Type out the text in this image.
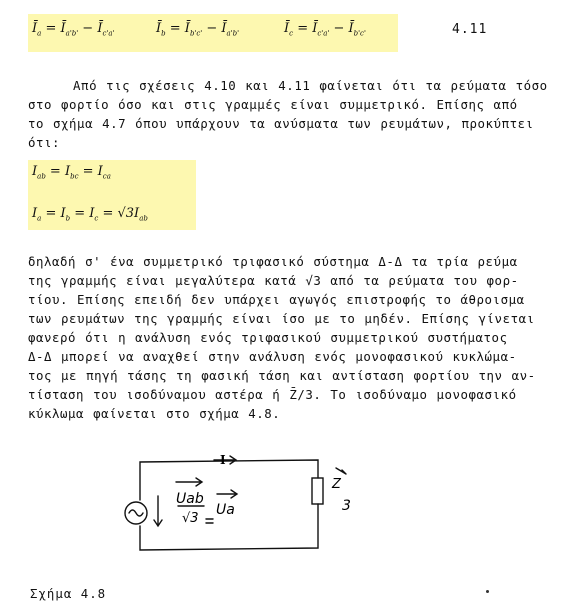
$Ī_a$ = $Ī_{a'b'}$ − $Ī_{c'a'}$	$Ī_b$ = $Ī_{b'c'}$ − $Ī_{a'b'}$	$Ī_c$ = $Ī_{c'a'}$ − $Ī_{b'c'}$	4.11

Από τις σχέσεις 4.10 και 4.11 φαίνεται ότι τα ρεύματα τόσο

στο φορτίο όσο και στις γραμμές είναι συμμετρικό. Επίσης από

το σχήμα 4.7 όπου υπάρχουν τα ανύσματα των ρευμάτων, προκύπτει

ότι:

$I_{ab} = I_{bc} = I_{ca}$
$I_a = I_b = I_c = √3I_{ab}$

δηλαδή σ' ένα συμμετρικό τριφασικό σύστημα Δ-Δ τα τρία ρεύμα

της γραμμής είναι μεγαλύτερα κατά √3 από τα ρεύματα του φορ-

τίου. Επίσης επειδή δεν υπάρχει αγωγός επιστροφής το άθροισμα

των ρευμάτων της γραμμής είναι ίσο με το μηδέν. Επίσης γίνεται

φανερό ότι η ανάλυση ενός τριφασικού συμμετρικού συστήματος

Δ-Δ μπορεί να αναχθεί στην ανάλυση ενός μονοφασικού κυκλώμα-

τος με πηγή τάσης τη φασική τάση και αντίσταση φορτίου την αν-

τίσταση του ισοδύναμου αστέρα ή Z̄/3. Το ισοδύναμο μονοφασικό

κύκλωμα φαίνεται στο σχήμα 4.8.

I
Uab
√3
Ua
Z
3
Σχήμα 4.8
